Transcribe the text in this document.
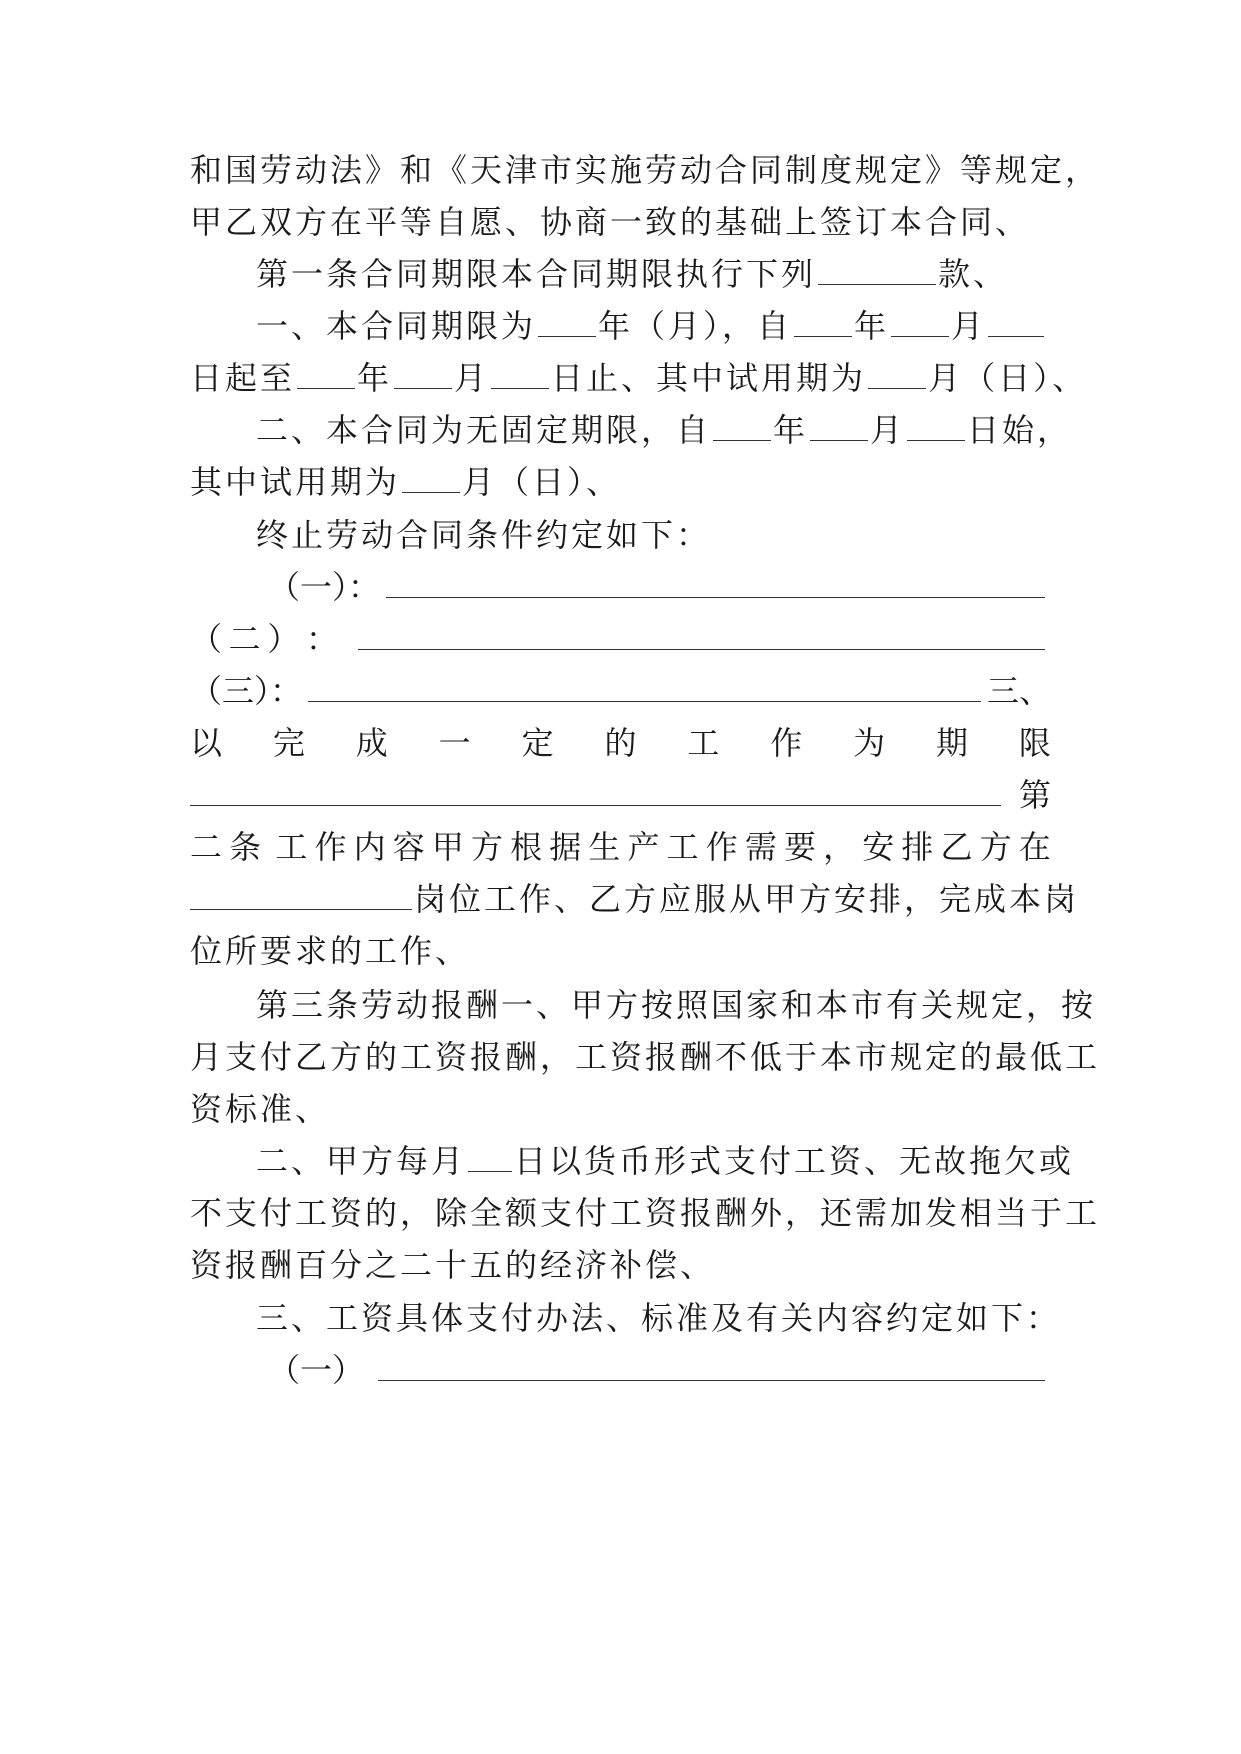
和国劳动法》和《天津市实施劳动合同制度规定》等规定，
甲乙双方在平等自愿、协商一致的基础上签订本合同、
第一条合同期限本合同期限执行下列	款、
一、本合同期限为 年（月），自 年 月
日起至 年 月 日止、其中试用期为 月（日）、
二、本合同为无固定期限，自 年 月 日始，
其中试用期为 月（日）、
终止劳动合同条件约定如下：
（一）：
（ 二 ） ：
（三）：	三、
以 完 成 一 定 的 工 作 为 期 限
第
二 条 工 作 内 容 甲 方 根 据 生 产 工 作 需 要 ， 安 排 乙 方 在
岗位工作、乙方应服从甲方安排，完成本岗
位所要求的工作、
第三条劳动报酬一、甲方按照国家和本市有关规定，按
月支付乙方的工资报酬，工资报酬不低于本市规定的最低工
资标准、
二、甲方每月 日以货币形式支付工资、无故拖欠或
不支付工资的，除全额支付工资报酬外，还需加发相当于工
资报酬百分之二十五的经济补偿、
三、工资具体支付办法、标准及有关内容约定如下：
（一）
